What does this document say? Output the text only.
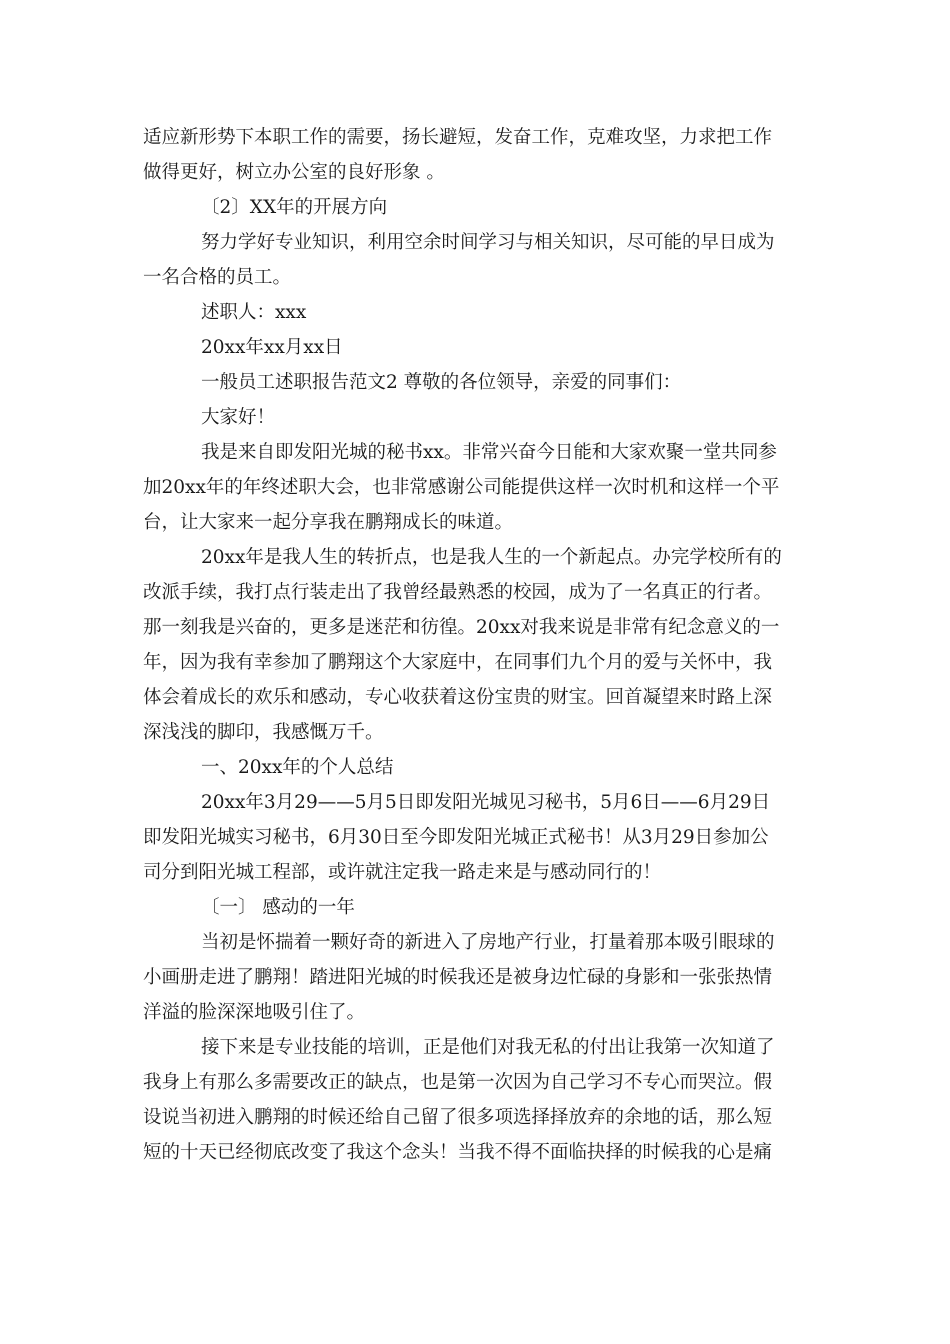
适应新形势下本职工作的需要，扬长避短，发奋工作，克难攻坚，力求把工作
做得更好，树立办公室的良好形象 。

〔2〕XX年的开展方向

努力学好专业知识，利用空余时间学习与相关知识，尽可能的早日成为
一名合格的员工。

述职人：xxx

20xx年xx月xx日

一般员工述职报告范文2 尊敬的各位领导，亲爱的同事们：

大家好！

我是来自即发阳光城的秘书xx。非常兴奋今日能和大家欢聚一堂共同参
加20xx年的年终述职大会，也非常感谢公司能提供这样一次时机和这样一个平
台，让大家来一起分享我在鹏翔成长的味道。

20xx年是我人生的转折点，也是我人生的一个新起点。办完学校所有的
改派手续，我打点行装走出了我曾经最熟悉的校园，成为了一名真正的行者。
那一刻我是兴奋的，更多是迷茫和彷徨。20xx对我来说是非常有纪念意义的一
年，因为我有幸参加了鹏翔这个大家庭中，在同事们九个月的爱与关怀中，我
体会着成长的欢乐和感动，专心收获着这份宝贵的财宝。回首凝望来时路上深
深浅浅的脚印，我感慨万千。

一、20xx年的个人总结

20xx年3月29——5月5日即发阳光城见习秘书，5月6日——6月29日
即发阳光城实习秘书，6月30日至今即发阳光城正式秘书！从3月29日参加公
司分到阳光城工程部，或许就注定我一路走来是与感动同行的！

〔一〕 感动的一年

当初是怀揣着一颗好奇的新进入了房地产行业，打量着那本吸引眼球的
小画册走进了鹏翔！踏进阳光城的时候我还是被身边忙碌的身影和一张张热情
洋溢的脸深深地吸引住了。

接下来是专业技能的培训，正是他们对我无私的付出让我第一次知道了
我身上有那么多需要改正的缺点，也是第一次因为自己学习不专心而哭泣。假
设说当初进入鹏翔的时候还给自己留了很多项选择择放弃的余地的话，那么短
短的十天已经彻底改变了我这个念头！当我不得不面临抉择的时候我的心是痛
